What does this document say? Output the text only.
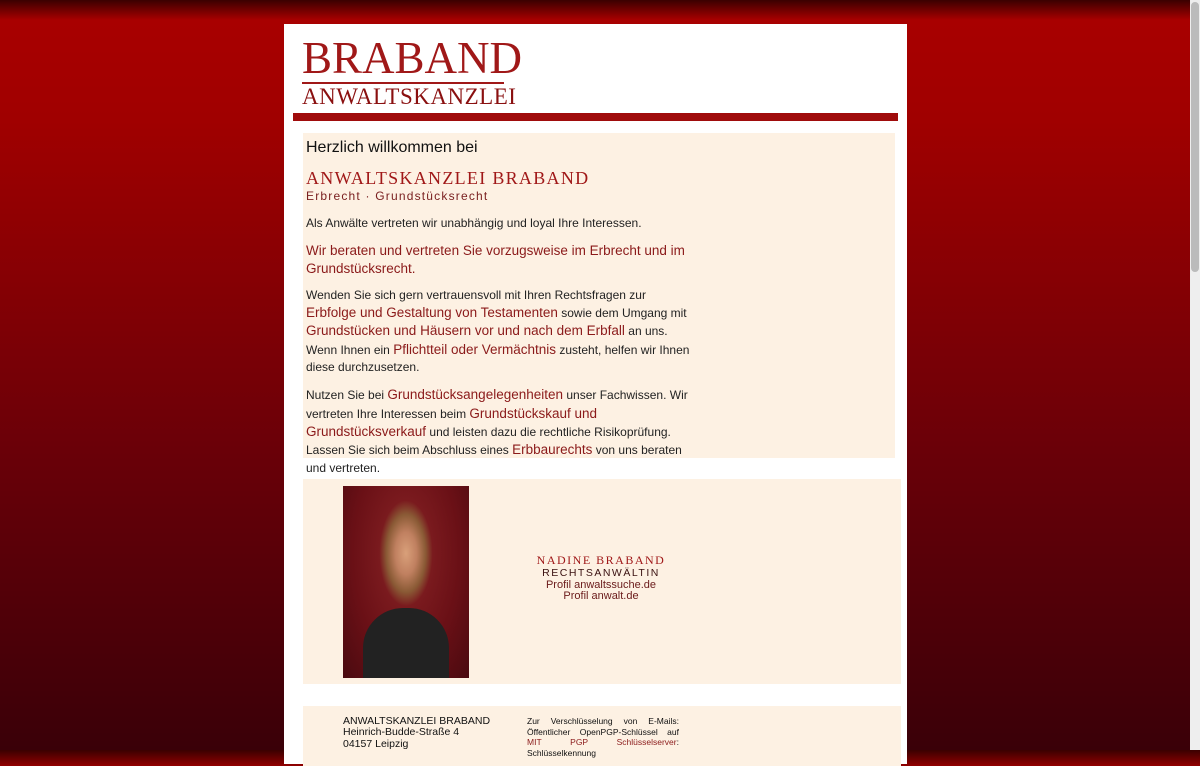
BRABAND
ANWALTSKANZLEI
Herzlich willkommen bei
ANWALTSKANZLEI BRABAND
Erbrecht · Grundstücksrecht

Als Anwälte vertreten wir unabhängig und loyal Ihre Interessen.

Wir beraten und vertreten Sie vorzugsweise im Erbrecht und im Grundstücksrecht.

Wenden Sie sich gern vertrauensvoll mit Ihren Rechtsfragen zur Erbfolge und Gestaltung von Testamenten sowie dem Umgang mit Grundstücken und Häusern vor und nach dem Erbfall an uns. Wenn Ihnen ein Pflichtteil oder Vermächtnis zusteht, helfen wir Ihnen diese durchzusetzen.

Nutzen Sie bei Grundstücksangelegenheiten unser Fachwissen. Wir vertreten Ihre Interessen beim Grundstückskauf und Grundstücksverkauf und leisten dazu die rechtliche Risikoprüfung. Lassen Sie sich beim Abschluss eines Erbbaurechts von uns beraten und vertreten.

NADINE BRABAND
RECHTSANWÄLTIN
Profil anwaltssuche.de
Profil anwalt.de
ANWALTSKANZLEI BRABAND
Heinrich-Budde-Straße 4
04157 Leipzig
Zur Verschlüsselung von E-Mails: Öffentlicher OpenPGP-Schlüssel auf MIT PGP Schlüsselserver: Schlüsselkennung
